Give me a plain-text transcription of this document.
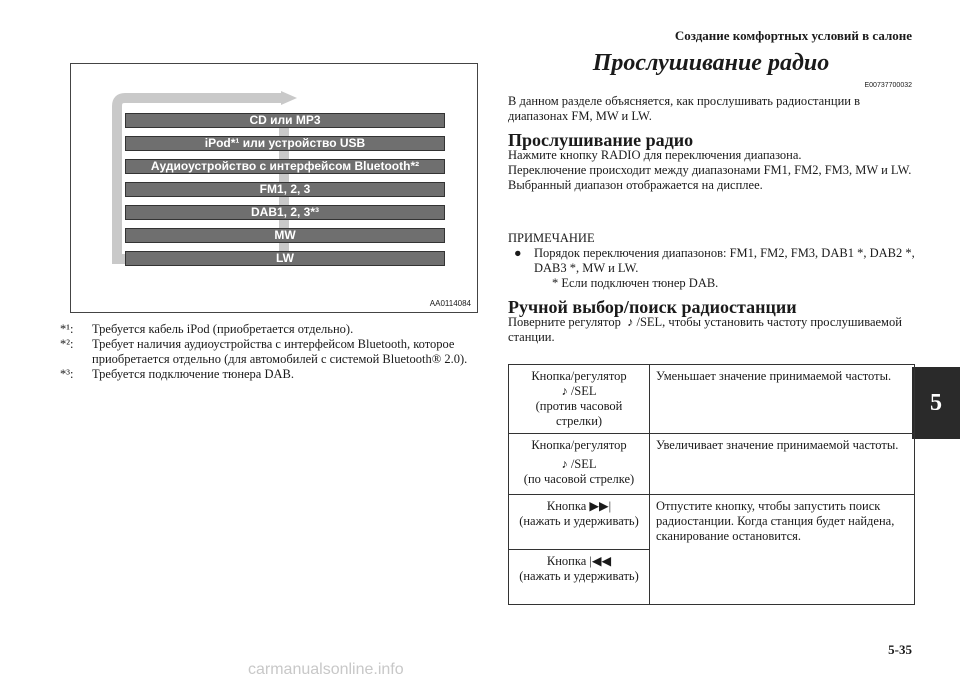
Создание комфортных условий в салоне
5
CD или MP3
iPod*¹ или устройство USB
Аудиоустройство с интерфейсом Bluetooth*²
FM1, 2, 3
DAB1, 2, 3*³
MW
LW
AA0114084
*¹:	Требуется кабель iPod (приобретается отдельно).
*²:	Требует наличия аудиоустройства с интерфейсом Bluetooth, которое приобретается отдельно (для автомобилей с системой Bluetooth® 2.0).
*³:	Требуется подключение тюнера DAB.
Прослушивание радио
E00737700032
В данном разделе объясняется, как прослушивать радиостанции в диапазонах FM, MW и LW.
Прослушивание радио
Нажмите кнопку RADIO для переключения диапазона.
Переключение происходит между диапазонами FM1, FM2, FM3, MW и LW.
Выбранный диапазон отображается на дисплее.
ПРИМЕЧАНИЕ
● Порядок переключения диапазонов: FM1, FM2, FM3, DAB1 *, DAB2 *, DAB3 *, MW и LW.
* Если подключен тюнер DAB.
Ручной выбор/поиск радиостанции
Поверните регулятор  ♪ /SEL, чтобы установить частоту прослушиваемой станции.
Кнопка/регулятор
♪ /SEL
(против часовой стрелки)	Уменьшает значение принимаемой частоты.

Кнопка/регулятор
♪ /SEL
(по часовой стрелке)	Увеличивает значение принимаемой частоты.

Кнопка ▶▶|
(нажать и удерживать)	Отпустите кнопку, чтобы запустить поиск радиостанции. Когда станция будет найдена, сканирование остановится.

Кнопка |◀◀
(нажать и удерживать)	
5-35
carmanualsonline.info
